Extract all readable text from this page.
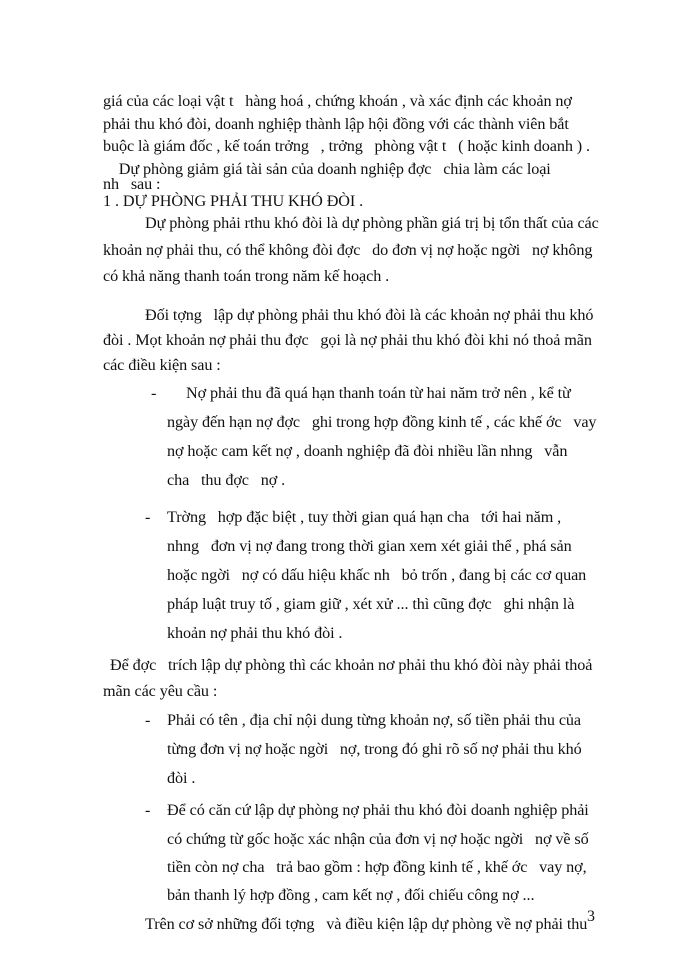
giá của các loại vật t   hàng hoá , chứng khoán , và xác định các khoản nợ
phải thu khó đòi, doanh nghiệp thành lập hội đồng với các thành viên bắt
buộc là giám đốc , kế toán trởng   , trởng   phòng vật t   ( hoặc kinh doanh ) .
Dự phòng giảm giá tài sản của doanh nghiệp đợc   chia làm các loại
nh   sau :
1 . DỰ PHÒNG PHẢI THU KHÓ ĐÒI .
Dự phòng phải rthu khó đòi là dự phòng phần giá trị bị tổn thất của các
khoản nợ phải thu, có thể không đòi đợc   do đơn vị nợ hoặc ngời   nợ không
có khả năng thanh toán trong năm kế hoạch .
Đối tợng   lập dự phòng phải thu khó đòi là các khoản nợ phải thu khó
đòi . Mọt khoản nợ phải thu đợc   gọi là nợ phải thu khó đòi khi nó thoả mãn
các điều kiện sau :
- Nợ phải thu đã quá hạn thanh toán từ hai năm trở nên , kể từ
ngày đến hạn nợ đợc   ghi trong hợp đồng kinh tế , các khế ớc   vay
nợ hoặc cam kết nợ , doanh nghiệp đã đòi nhiều lần nhng   vẫn
cha   thu đợc   nợ .
- Trờng   hợp đặc biệt , tuy thời gian quá hạn cha   tới hai năm ,
nhng   đơn vị nợ đang trong thời gian xem xét giải thể , phá sản
hoặc ngời   nợ có dấu hiệu khấc nh   bỏ trốn , đang bị các cơ quan
pháp luật truy tố , giam giữ , xét xử ... thì cũng đợc   ghi nhận là
khoản nợ phải thu khó đòi .
Để đợc   trích lập dự phòng thì các khoản nơ phải thu khó đòi này phải thoả
mãn các yêu cầu :
- Phải có tên , địa chỉ nội dung từng khoản nợ, số tiền phải thu của
từng đơn vị nợ hoặc ngời   nợ, trong đó ghi rõ số nợ phải thu khó
đòi .
- Để có căn cứ lập dự phòng nợ phải thu khó đòi doanh nghiệp phải
có chứng từ gốc hoặc xác nhận của đơn vị nợ hoặc ngời   nợ về số
tiền còn nợ cha   trả bao gồm : hợp đồng kinh tế , khế ớc   vay nợ,
bản thanh lý hợp đồng , cam kết nợ , đối chiếu công nợ ...
Trên cơ sở những đối tợng   và điều kiện lập dự phòng về nợ phải thu 3
